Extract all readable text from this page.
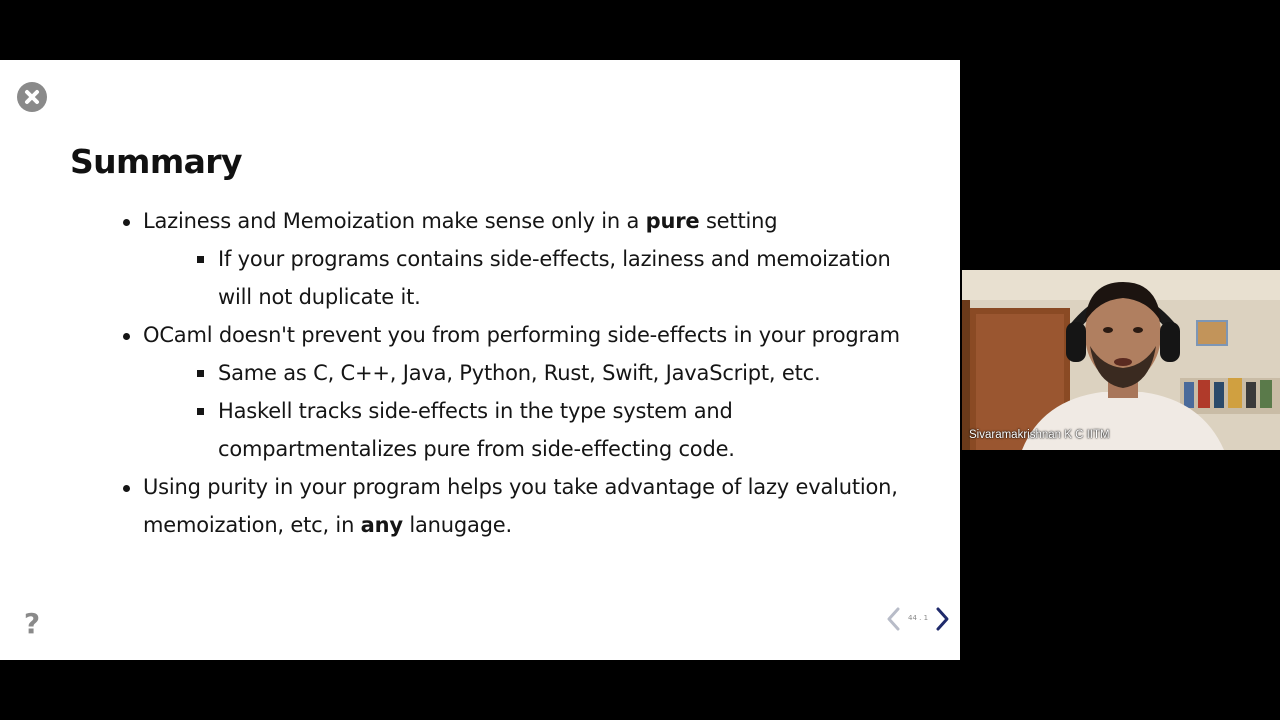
Summary
Laziness and Memoization make sense only in a pure setting
If your programs contains side-effects, laziness and memoization will not duplicate it.
OCaml doesn't prevent you from performing side-effects in your program
Same as C, C++, Java, Python, Rust, Swift, JavaScript, etc.
Haskell tracks side-effects in the type system and compartmentalizes pure from side-effecting code.
Using purity in your program helps you take advantage of lazy evalution, memoization, etc, in any lanugage.
?	44 . 1
Sivaramakrishnan K C IITM
